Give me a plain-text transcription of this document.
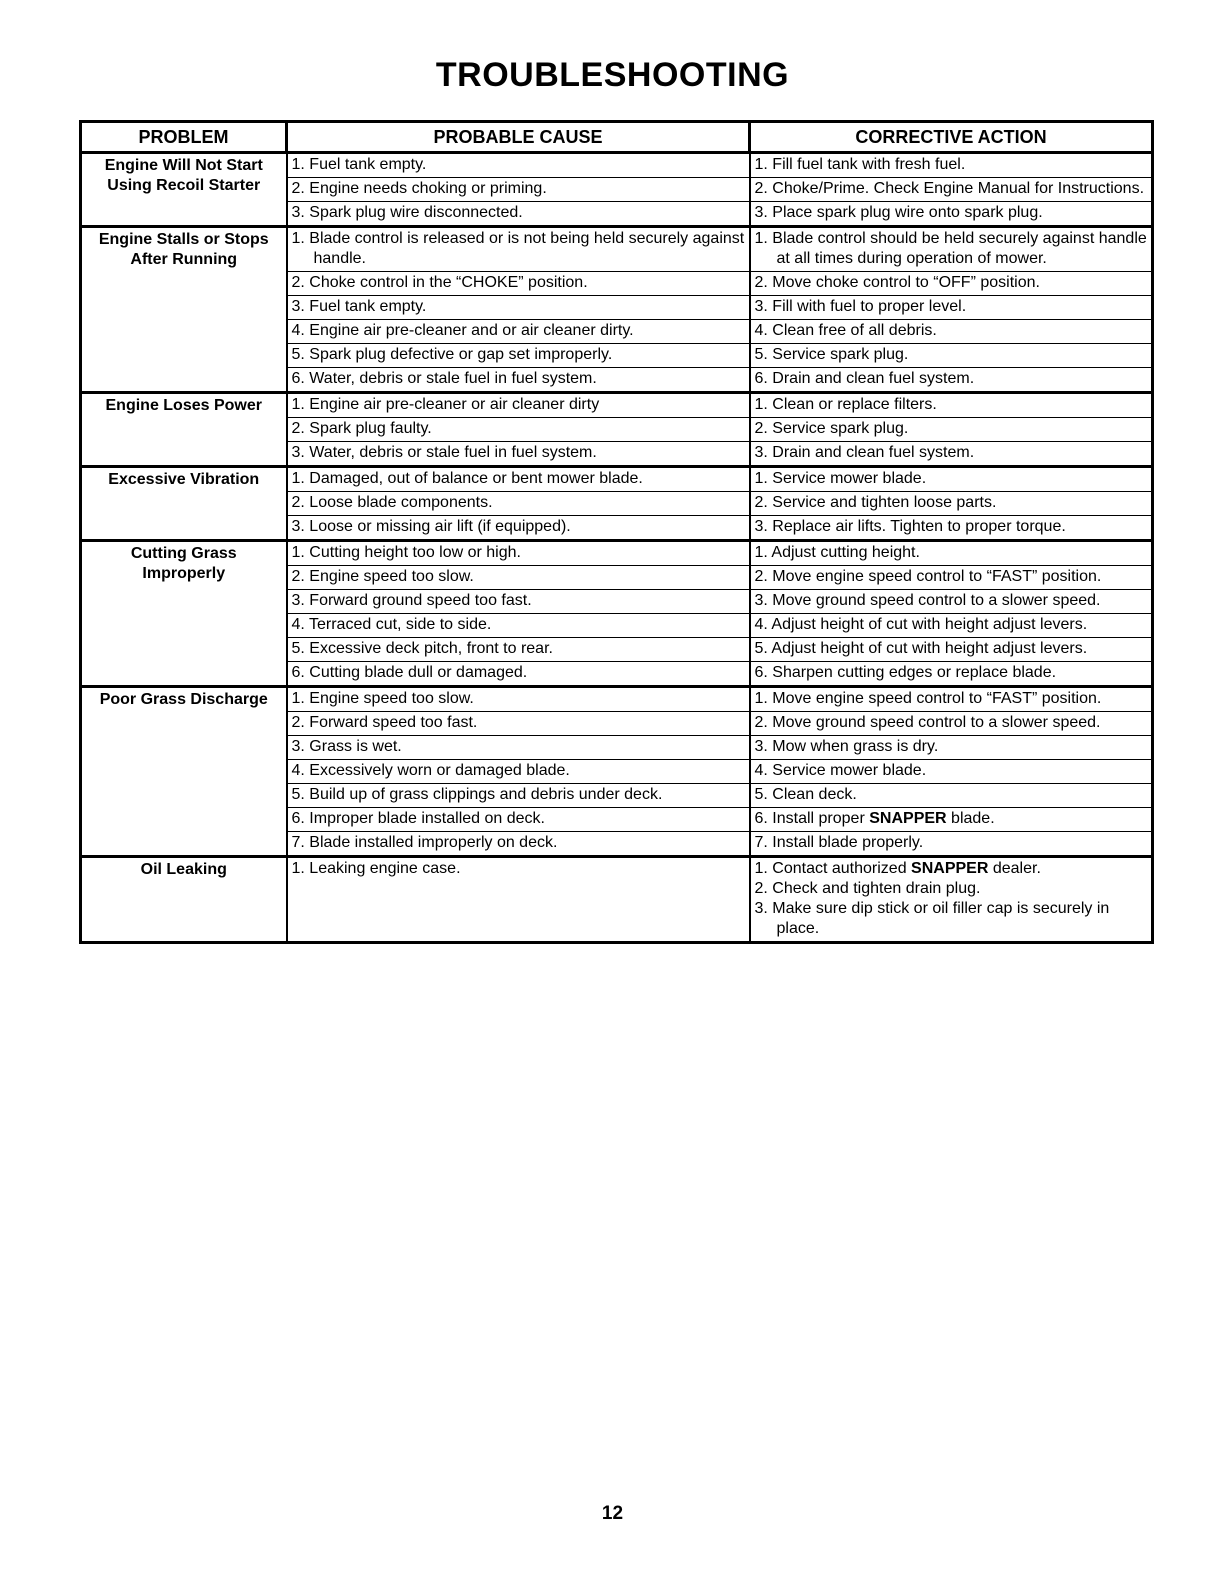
TROUBLESHOOTING
PROBLEM	PROBABLE CAUSE	CORRECTIVE ACTION

Engine Will Not Start
Using Recoil Starter	1. Fuel tank empty.	1. Fill fuel tank with fresh fuel.

	2. Engine needs choking or priming.	2. Choke/Prime. Check Engine Manual for Instructions.

	3. Spark plug wire disconnected.	3. Place spark plug wire onto spark plug.

Engine Stalls or Stops
After Running	1. Blade control is released or is not being held securely against handle.	1. Blade control should be held securely against handle at all times during operation of mower.

	2. Choke control in the “CHOKE” position.	2. Move choke control to “OFF” position.

	3. Fuel tank empty.	3. Fill with fuel to proper level.

	4. Engine air pre-cleaner and or air cleaner dirty.	4. Clean free of all debris.

	5. Spark plug defective or gap set improperly.	5. Service spark plug.

	6. Water, debris or stale fuel in fuel system.	6. Drain and clean fuel system.

Engine Loses Power	1. Engine air pre-cleaner or air cleaner dirty	1. Clean or replace filters.

	2. Spark plug faulty.	2. Service spark plug.

	3. Water, debris or stale fuel in fuel system.	3. Drain and clean fuel system.

Excessive Vibration	1. Damaged, out of balance or bent mower blade.	1. Service mower blade.

	2. Loose blade components.	2. Service and tighten loose parts.

	3. Loose or missing air lift (if equipped).	3. Replace air lifts. Tighten to proper torque.

Cutting Grass
Improperly	1. Cutting height too low or high.	1. Adjust cutting height.

	2. Engine speed too slow.	2. Move engine speed control to “FAST” position.

	3. Forward ground speed too fast.	3. Move ground speed control to a slower speed.

	4. Terraced cut, side to side.	4. Adjust height of cut with height adjust levers.

	5. Excessive deck pitch, front to rear.	5. Adjust height of cut with height adjust levers.

	6. Cutting blade dull or damaged.	6. Sharpen cutting edges or replace blade.

Poor Grass Discharge	1. Engine speed too slow.	1. Move engine speed control to “FAST” position.

	2. Forward speed too fast.	2. Move ground speed control to a slower speed.

	3. Grass is wet.	3. Mow when grass is dry.

	4. Excessively worn or damaged blade.	4. Service mower blade.

	5. Build up of grass clippings and debris under deck.	5. Clean deck.

	6. Improper blade installed on deck.	6. Install proper SNAPPER blade.

	7. Blade installed improperly on deck.	7. Install blade properly.

Oil Leaking	1. Leaking engine case.	1. Contact authorized SNAPPER dealer.
2. Check and tighten drain plug.
3. Make sure dip stick or oil filler cap is securely in place.
12
